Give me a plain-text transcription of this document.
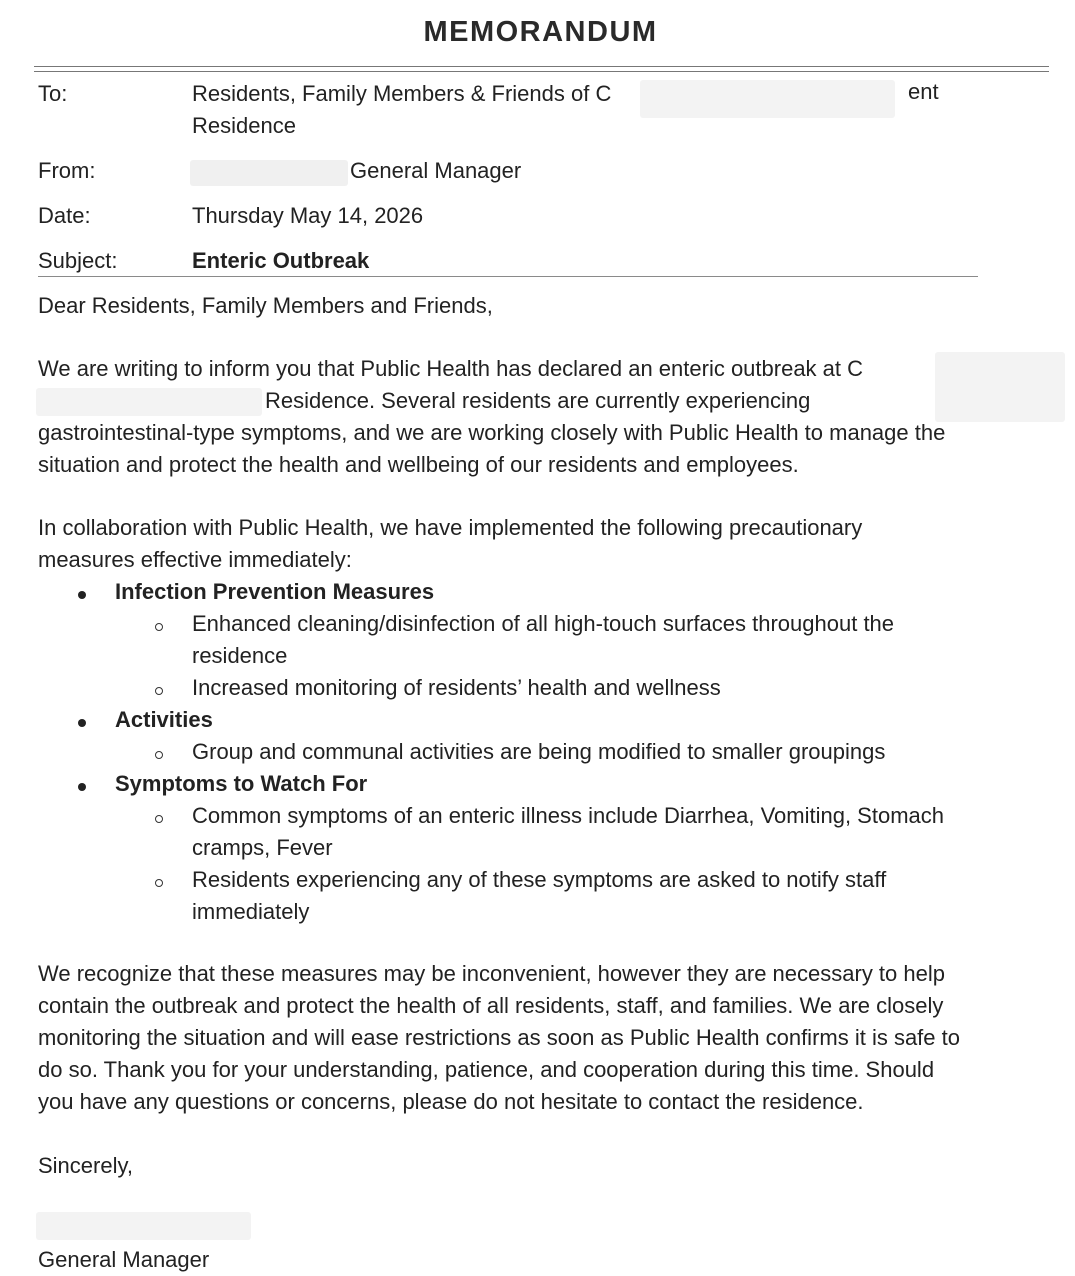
MEMORANDUM
To:	Residents, Family Members & Friends of C	ent
Residence
From:	General Manager
Date:	Thursday May 14, 2026
Subject:	Enteric Outbreak
Dear Residents, Family Members and Friends,
We are writing to inform you that Public Health has declared an enteric outbreak at C
Residence. Several residents are currently experiencing
gastrointestinal-type symptoms, and we are working closely with Public Health to manage the
situation and protect the health and wellbeing of our residents and employees.
In collaboration with Public Health, we have implemented the following precautionary
measures effective immediately:
Infection Prevention Measures
Enhanced cleaning/disinfection of all high-touch surfaces throughout the
residence
Increased monitoring of residents’ health and wellness
Activities
Group and communal activities are being modified to smaller groupings
Symptoms to Watch For
Common symptoms of an enteric illness include Diarrhea, Vomiting, Stomach
cramps, Fever
Residents experiencing any of these symptoms are asked to notify staff
immediately
We recognize that these measures may be inconvenient, however they are necessary to help
contain the outbreak and protect the health of all residents, staff, and families. We are closely
monitoring the situation and will ease restrictions as soon as Public Health confirms it is safe to
do so. Thank you for your understanding, patience, and cooperation during this time. Should
you have any questions or concerns, please do not hesitate to contact the residence.
Sincerely,
General Manager
